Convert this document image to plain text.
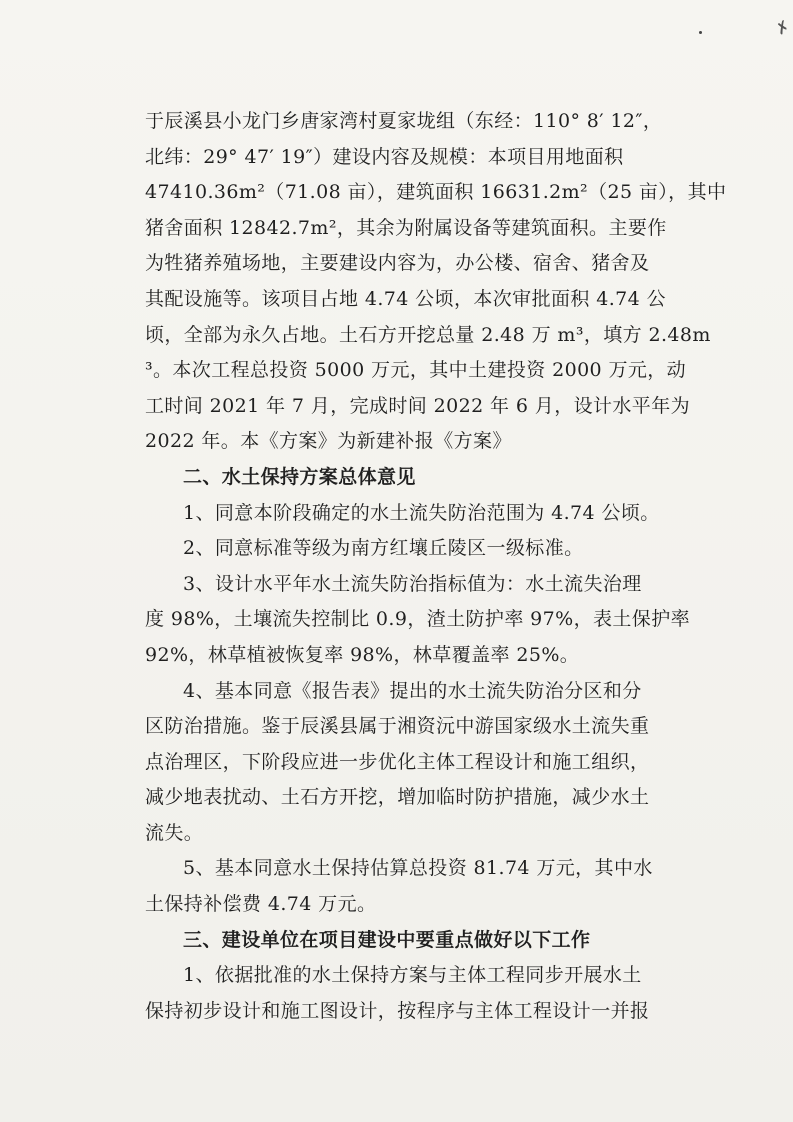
✗

于辰溪县小龙门乡唐家湾村夏家垅组（东经：110° 8′ 12″，
北纬：29° 47′ 19″）建设内容及规模：本项目用地面积
47410.36m²（71.08 亩），建筑面积 16631.2m²（25 亩），其中
猪舍面积 12842.7m²，其余为附属设备等建筑面积。主要作
为牲猪养殖场地，主要建设内容为，办公楼、宿舍、猪舍及
其配设施等。该项目占地 4.74 公顷，本次审批面积 4.74 公
顷，全部为永久占地。土石方开挖总量 2.48 万 m³，填方 2.48m
³。本次工程总投资 5000 万元，其中土建投资 2000 万元，动
工时间 2021 年 7 月，完成时间 2022 年 6 月，设计水平年为
2022 年。本《方案》为新建补报《方案》

二、水土保持方案总体意见

1、同意本阶段确定的水土流失防治范围为 4.74 公顷。

2、同意标准等级为南方红壤丘陵区一级标准。

3、设计水平年水土流失防治指标值为：水土流失治理
度 98%，土壤流失控制比 0.9，渣土防护率 97%，表土保护率
92%，林草植被恢复率 98%，林草覆盖率 25%。

4、基本同意《报告表》提出的水土流失防治分区和分
区防治措施。鉴于辰溪县属于湘资沅中游国家级水土流失重
点治理区，下阶段应进一步优化主体工程设计和施工组织，
减少地表扰动、土石方开挖，增加临时防护措施，减少水土
流失。

5、基本同意水土保持估算总投资 81.74 万元，其中水
土保持补偿费 4.74 万元。

三、建设单位在项目建设中要重点做好以下工作

1、依据批准的水土保持方案与主体工程同步开展水土
保持初步设计和施工图设计，按程序与主体工程设计一并报
